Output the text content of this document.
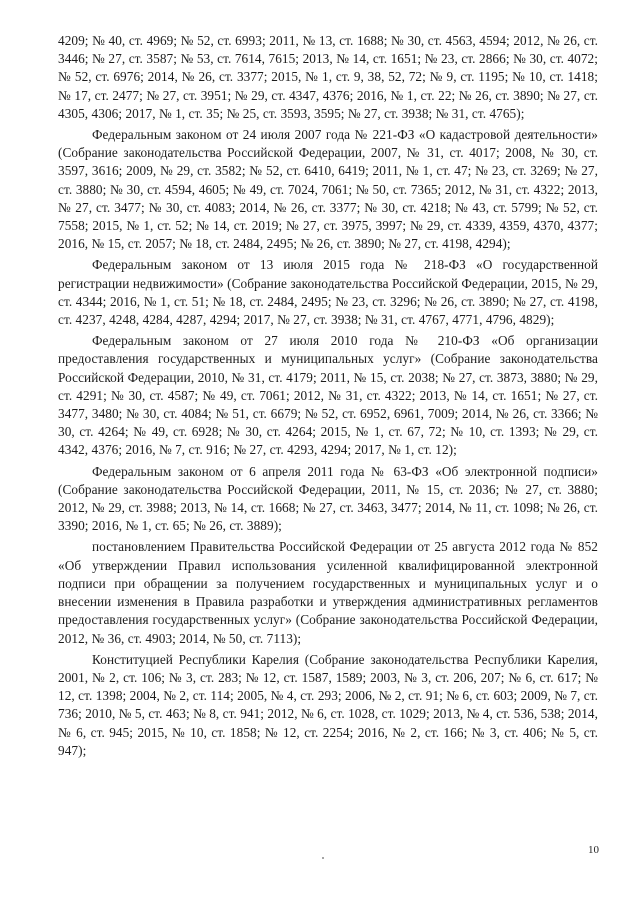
4209; № 40, ст. 4969; № 52, ст. 6993; 2011, № 13, ст. 1688; № 30, ст. 4563, 4594; 2012, № 26, ст. 3446; № 27, ст. 3587; № 53, ст. 7614, 7615; 2013, № 14, ст. 1651; № 23, ст. 2866; № 30, ст. 4072; № 52, ст. 6976; 2014, № 26, ст. 3377; 2015, № 1, ст. 9, 38, 52, 72; № 9, ст. 1195; № 10, ст. 1418; № 17, ст. 2477; № 27, ст. 3951; № 29, ст. 4347, 4376; 2016, № 1, ст. 22; № 26, ст. 3890; № 27, ст. 4305, 4306; 2017, № 1, ст. 35; № 25, ст. 3593, 3595; № 27, ст. 3938; № 31, ст. 4765);

Федеральным законом от 24 июля 2007 года № 221-ФЗ «О кадастровой деятельности» (Собрание законодательства Российской Федерации, 2007, № 31, ст. 4017; 2008, № 30, ст. 3597, 3616; 2009, № 29, ст. 3582; № 52, ст. 6410, 6419; 2011, № 1, ст. 47; № 23, ст. 3269; № 27, ст. 3880; № 30, ст. 4594, 4605; № 49, ст. 7024, 7061; № 50, ст. 7365; 2012, № 31, ст. 4322; 2013, № 27, ст. 3477; № 30, ст. 4083; 2014, № 26, ст. 3377; № 30, ст. 4218; № 43, ст. 5799; № 52, ст. 7558; 2015, № 1, ст. 52; № 14, ст. 2019; № 27, ст. 3975, 3997; № 29, ст. 4339, 4359, 4370, 4377; 2016, № 15, ст. 2057; № 18, ст. 2484, 2495; № 26, ст. 3890; № 27, ст. 4198, 4294);

Федеральным законом от 13 июля 2015 года № 218-ФЗ «О государственной регистрации недвижимости» (Собрание законодательства Российской Федерации, 2015, № 29, ст. 4344; 2016, № 1, ст. 51; № 18, ст. 2484, 2495; № 23, ст. 3296; № 26, ст. 3890; № 27, ст. 4198, ст. 4237, 4248, 4284, 4287, 4294; 2017, № 27, ст. 3938; № 31, ст. 4767, 4771, 4796, 4829);

Федеральным законом от 27 июля 2010 года № 210-ФЗ «Об организации предоставления государственных и муниципальных услуг» (Собрание законодательства Российской Федерации, 2010, № 31, ст. 4179; 2011, № 15, ст. 2038; № 27, ст. 3873, 3880; № 29, ст. 4291; № 30, ст. 4587; № 49, ст. 7061; 2012, № 31, ст. 4322; 2013, № 14, ст. 1651; № 27, ст. 3477, 3480; № 30, ст. 4084; № 51, ст. 6679; № 52, ст. 6952, 6961, 7009; 2014, № 26, ст. 3366; № 30, ст. 4264; № 49, ст. 6928; № 30, ст. 4264; 2015, № 1, ст. 67, 72; № 10, ст. 1393; № 29, ст. 4342, 4376; 2016, № 7, ст. 916; № 27, ст. 4293, 4294; 2017, № 1, ст. 12);

Федеральным законом от 6 апреля 2011 года № 63-ФЗ «Об электронной подписи» (Собрание законодательства Российской Федерации, 2011, № 15, ст. 2036; № 27, ст. 3880; 2012, № 29, ст. 3988; 2013, № 14, ст. 1668; № 27, ст. 3463, 3477; 2014, № 11, ст. 1098; № 26, ст. 3390; 2016, № 1, ст. 65; № 26, ст. 3889);

постановлением Правительства Российской Федерации от 25 августа 2012 года № 852 «Об утверждении Правил использования усиленной квалифицированной электронной подписи при обращении за получением государственных и муниципальных услуг и о внесении изменения в Правила разработки и утверждения административных регламентов предоставления государственных услуг» (Собрание законодательства Российской Федерации, 2012, № 36, ст. 4903; 2014, № 50, ст. 7113);

Конституцией Республики Карелия (Собрание законодательства Республики Карелия, 2001, № 2, ст. 106; № 3, ст. 283; № 12, ст. 1587, 1589; 2003, № 3, ст. 206, 207; № 6, ст. 617; № 12, ст. 1398; 2004, № 2, ст. 114; 2005, № 4, ст. 293; 2006, № 2, ст. 91; № 6, ст. 603; 2009, № 7, ст. 736; 2010, № 5, ст. 463; № 8, ст. 941; 2012, № 6, ст. 1028, ст. 1029; 2013, № 4, ст. 536, 538; 2014, № 6, ст. 945; 2015, № 10, ст. 1858; № 12, ст. 2254; 2016, № 2, ст. 166; № 3, ст. 406; № 5, ст. 947);

10
